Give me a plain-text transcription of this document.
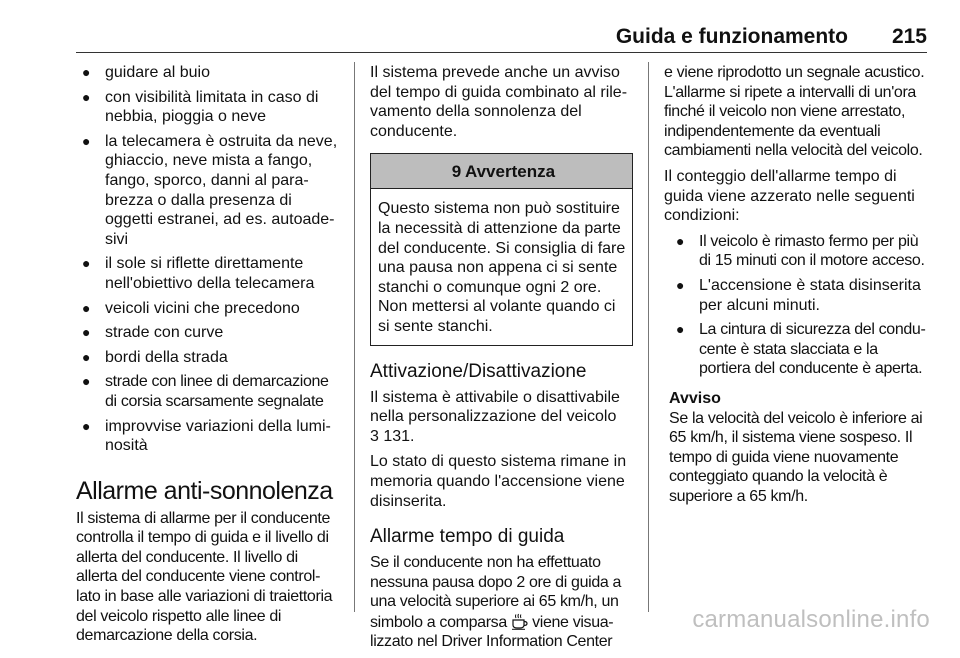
Guida e funzionamento 215
● guidare al buio
● con visibilità limitata in caso di nebbia, pioggia o neve
● la telecamera è ostruita da neve, ghiaccio, neve mista a fango, fango, sporco, danni al parabrezza o dalla presenza di oggetti estranei, ad es. autoadesivi
● il sole si riflette direttamente nell'obiettivo della telecamera
● veicoli vicini che precedono
● strade con curve
● bordi della strada
● strade con linee di demarcazione di corsia scarsamente segnalate
● improvvise variazioni della luminosità
Allarme anti-sonnolenza

Il sistema di allarme per il conducente controlla il tempo di guida e il livello di allerta del conducente. Il livello di allerta del conducente viene controllato in base alle variazioni di traiettoria del veicolo rispetto alle linee di demarcazione della corsia.

Il sistema prevede anche un avviso del tempo di guida combinato al rilevamento della sonnolenza del conducente.

9 Avvertenza
Questo sistema non può sostituire la necessità di attenzione da parte del conducente. Si consiglia di fare una pausa non appena ci si sente stanchi o comunque ogni 2 ore. Non mettersi al volante quando ci si sente stanchi.
Attivazione/Disattivazione

Il sistema è attivabile o disattivabile nella personalizzazione del veicolo
3 131.

Lo stato di questo sistema rimane in memoria quando l'accensione viene disinserita.

Allarme tempo di guida

Se il conducente non ha effettuato nessuna pausa dopo 2 ore di guida a una velocità superiore ai 65 km/h, un simbolo a comparsa viene visualizzato nel Driver Information Center

e viene riprodotto un segnale acustico. L'allarme si ripete a intervalli di un'ora finché il veicolo non viene arrestato, indipendentemente da eventuali cambiamenti nella velocità del veicolo.

Il conteggio dell'allarme tempo di guida viene azzerato nelle seguenti condizioni:

● Il veicolo è rimasto fermo per più di 15 minuti con il motore acceso.
● L'accensione è stata disinserita per alcuni minuti.
● La cintura di sicurezza del conducente è stata slacciata e la portiera del conducente è aperta.
Avviso
Se la velocità del veicolo è inferiore ai 65 km/h, il sistema viene sospeso. Il tempo di guida viene nuovamente conteggiato quando la velocità è superiore a 65 km/h.
carmanualsonline.info
